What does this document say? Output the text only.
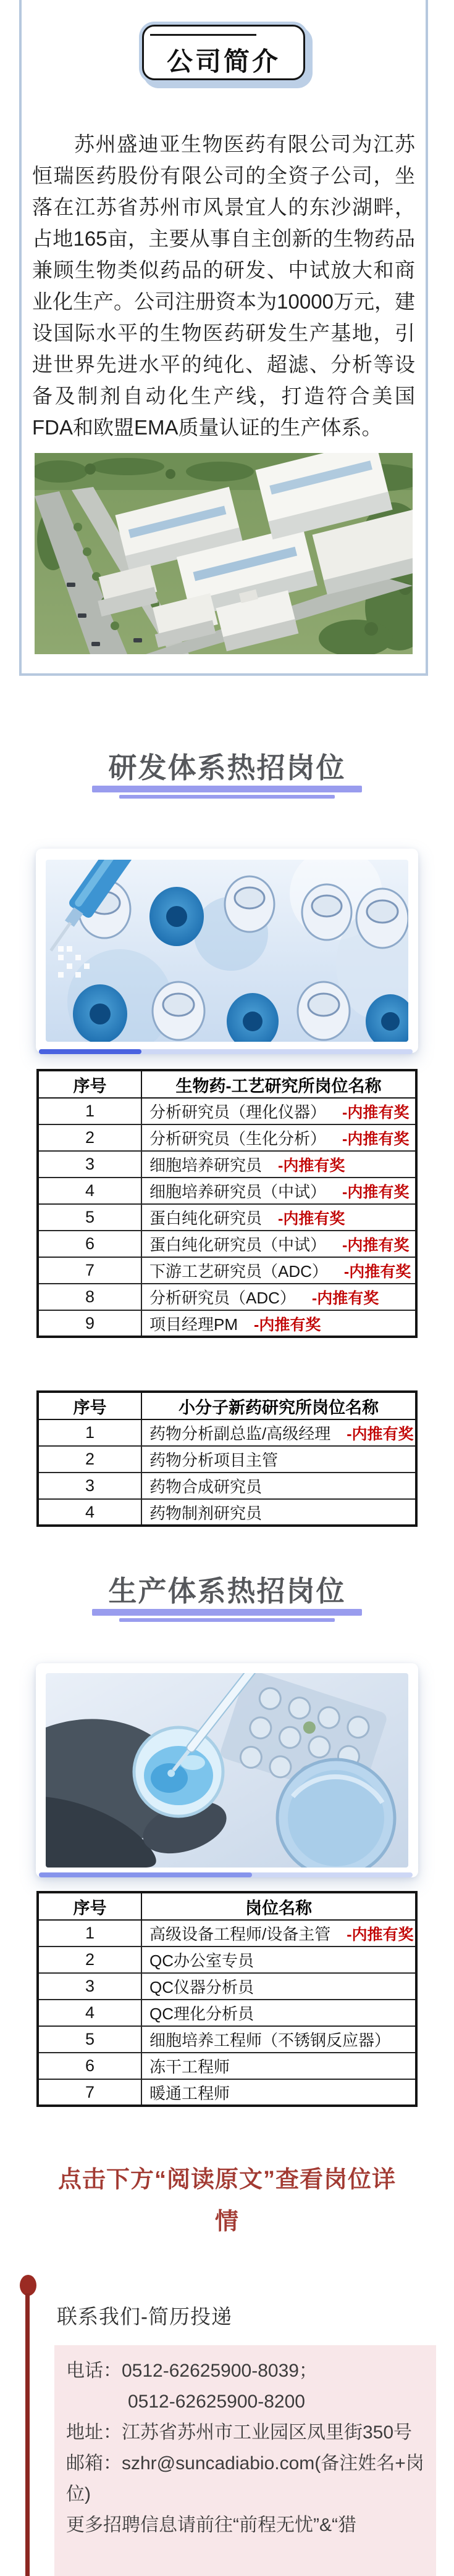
公司简介

苏州盛迪亚生物医药有限公司为江苏恒瑞医药股份有限公司的全资子公司，坐落在江苏省苏州市风景宜人的东沙湖畔，占地165亩，主要从事自主创新的生物药品兼顾生物类似药品的研发、中试放大和商业化生产。公司注册资本为10000万元，建设国际水平的生物医药研发生产基地，引进世界先进水平的纯化、超滤、分析等设备及制剂自动化生产线，打造符合美国FDA和欧盟EMA质量认证的生产体系。

研发体系热招岗位
序号	生物药-工艺研究所岗位名称
1	分析研究员（理化仪器） -内推有奖
2	分析研究员（生化分析） -内推有奖
3	细胞培养研究员 -内推有奖
4	细胞培养研究员（中试） -内推有奖
5	蛋白纯化研究员 -内推有奖
6	蛋白纯化研究员（中试） -内推有奖
7	下游工艺研究员（ADC） -内推有奖
8	分析研究员（ADC） -内推有奖
9	项目经理PM -内推有奖
序号	小分子新药研究所岗位名称
1	药物分析副总监/高级经理 -内推有奖
2	药物分析项目主管
3	药物合成研究员
4	药物制剂研究员
生产体系热招岗位
序号	岗位名称
1	高级设备工程师/设备主管 -内推有奖
2	QC办公室专员
3	QC仪器分析员
4	QC理化分析员
5	细胞培养工程师（不锈钢反应器）
6	冻干工程师
7	暖通工程师
点击下方“阅读原文”查看岗位详
情
联系我们-简历投递
电话：0512-62625900-8039；
0512-62625900-8200
地址：江苏省苏州市工业园区凤里街350号
邮箱：szhr@suncadiabio.com(备注姓名+岗位)
更多招聘信息请前往“前程无忧”&“猎
